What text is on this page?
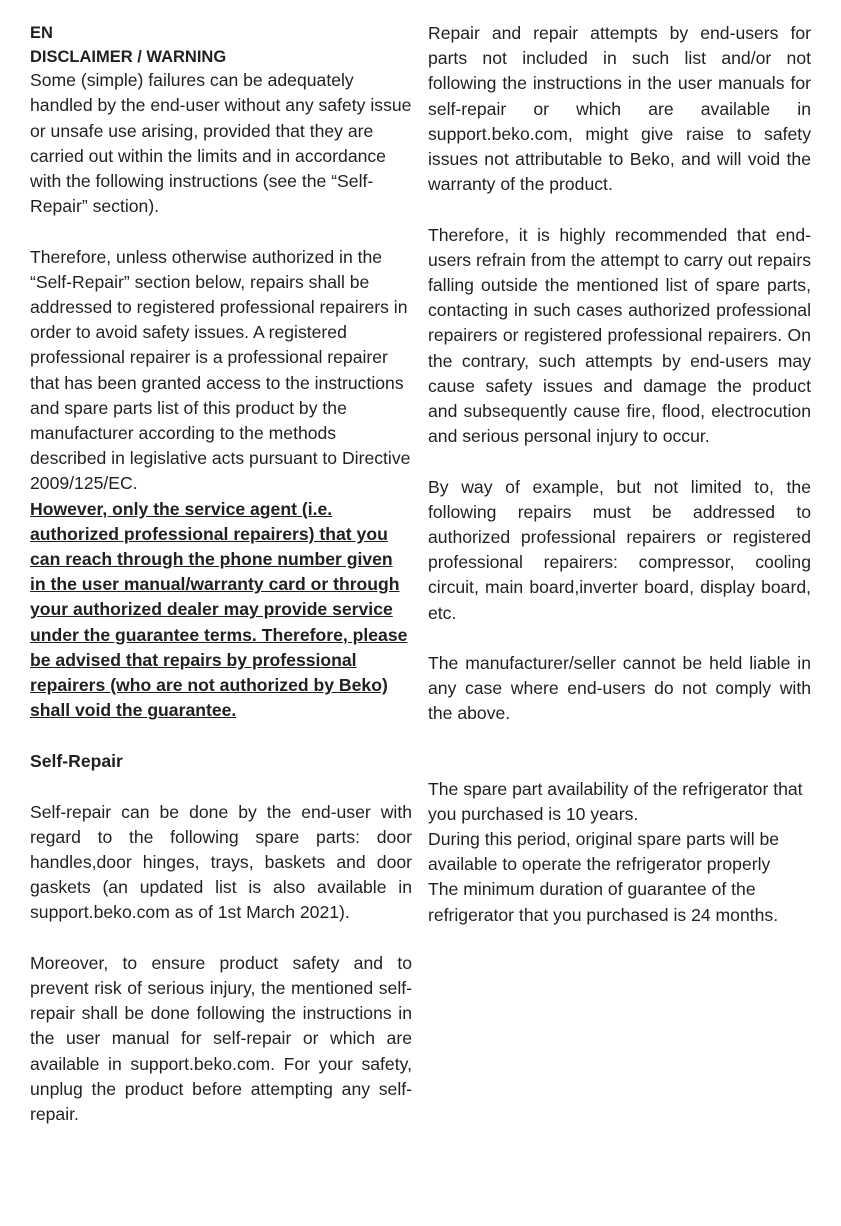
EN
DISCLAIMER / WARNING

Some (simple) failures can be adequately handled by the end-user without any safety issue or unsafe use arising, provided that they are carried out within the limits and in accordance with the following instructions (see the “Self-Repair” section).

Therefore, unless otherwise authorized in the “Self-Repair” section below, repairs shall be addressed to registered professional repairers in order to avoid safety issues. A registered professional repairer is a professional repairer that has been granted access to the instructions and spare parts list of this product by the manufacturer according to the methods described in legislative acts pursuant to Directive 2009/125/EC.

However, only the service agent (i.e. authorized professional repairers) that you can reach through the phone number given in the user manual/warranty card or through your authorized dealer may provide service under the guarantee terms. Therefore, please be advised that repairs by professional repairers (who are not authorized by Beko) shall void the guarantee.

Self-Repair

Self-repair can be done by the end-user with regard to the following spare parts: door handles,door hinges, trays, baskets and door gaskets (an updated list is also available in support.beko.com as of 1st March 2021).

Moreover, to ensure product safety and to prevent risk of serious injury, the mentioned self-repair shall be done following the instructions in the user manual for self-repair or which are available in support.beko.com. For your safety, unplug the product before attempting any self-repair.

Repair and repair attempts by end-users for parts not included in such list and/or not following the instructions in the user manuals for self-repair or which are available in support.beko.com, might give raise to safety issues not attributable to Beko, and will void the warranty of the product.

Therefore, it is highly recommended that end-users refrain from the attempt to carry out repairs falling outside the mentioned list of spare parts, contacting in such cases authorized professional repairers or registered professional repairers. On the contrary, such attempts by end-users may cause safety issues and damage the product and subsequently cause fire, flood, electrocution and serious personal injury to occur.

By way of example, but not limited to, the following repairs must be addressed to authorized professional repairers or registered professional repairers: compressor, cooling circuit, main board,inverter board, display board, etc.

The manufacturer/seller cannot be held liable in any case where end-users do not comply with the above.

The spare part availability of the refrigerator that you purchased is 10 years.

During this period, original spare parts will be available to operate the refrigerator properly

The minimum duration of guarantee of the refrigerator that you purchased is 24 months.
